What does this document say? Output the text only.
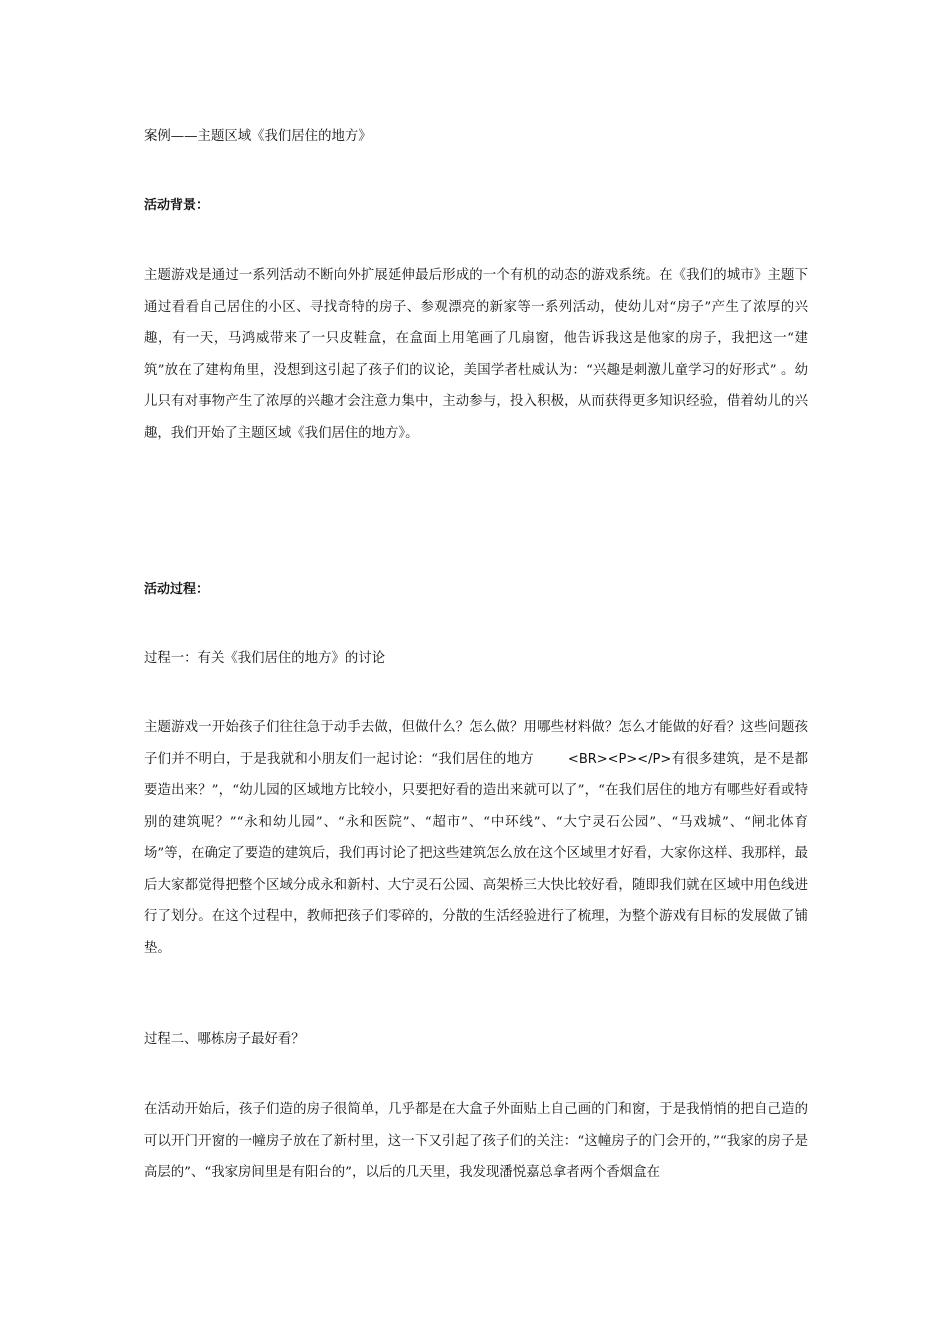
案例——主题区域《我们居住的地方》

活动背景：

主题游戏是通过一系列活动不断向外扩展延伸最后形成的一个有机的动态的游戏系统。在《我们的城市》主题下通过看看自己居住的小区、寻找奇特的房子、参观漂亮的新家等一系列活动，使幼儿对“房子”产生了浓厚的兴趣，有一天，马鸿威带来了一只皮鞋盒，在盒面上用笔画了几扇窗，他告诉我这是他家的房子，我把这一“建筑”放在了建构角里，没想到这引起了孩子们的议论，美国学者杜威认为：“兴趣是刺激儿童学习的好形式” 。幼儿只有对事物产生了浓厚的兴趣才会注意力集中，主动参与，投入积极，从而获得更多知识经验，借着幼儿的兴趣，我们开始了主题区域《我们居住的地方》。

活动过程：

过程一：有关《我们居住的地方》的讨论

主题游戏一开始孩子们往往急于动手去做，但做什么？怎么做？用哪些材料做？怎么才能做的好看？这些问题孩子们并不明白，于是我就和小朋友们一起讨论：“我们居住的地方	<BR><P></P>有很多建筑，是不是都要造出来？”，“幼儿园的区域地方比较小，只要把好看的造出来就可以了”，“在我们居住的地方有哪些好看或特别的建筑呢？”“永和幼儿园”、“永和医院”、“超市”、“中环线”、“大宁灵石公园”、“马戏城”、“闸北体育场”等，在确定了要造的建筑后，我们再讨论了把这些建筑怎么放在这个区域里才好看，大家你这样、我那样，最后大家都觉得把整个区域分成永和新村、大宁灵石公园、高架桥三大快比较好看，随即我们就在区域中用色线进行了划分。在这个过程中，教师把孩子们零碎的，分散的生活经验进行了梳理，为整个游戏有目标的发展做了铺垫。

过程二、哪栋房子最好看？

在活动开始后，孩子们造的房子很简单，几乎都是在大盒子外面贴上自己画的门和窗，于是我悄悄的把自己造的可以开门开窗的一幢房子放在了新村里，这一下又引起了孩子们的关注：“这幢房子的门会开的，”“我家的房子是高层的”、“我家房间里是有阳台的”，以后的几天里，我发现潘悦嘉总拿者两个香烟盒在
